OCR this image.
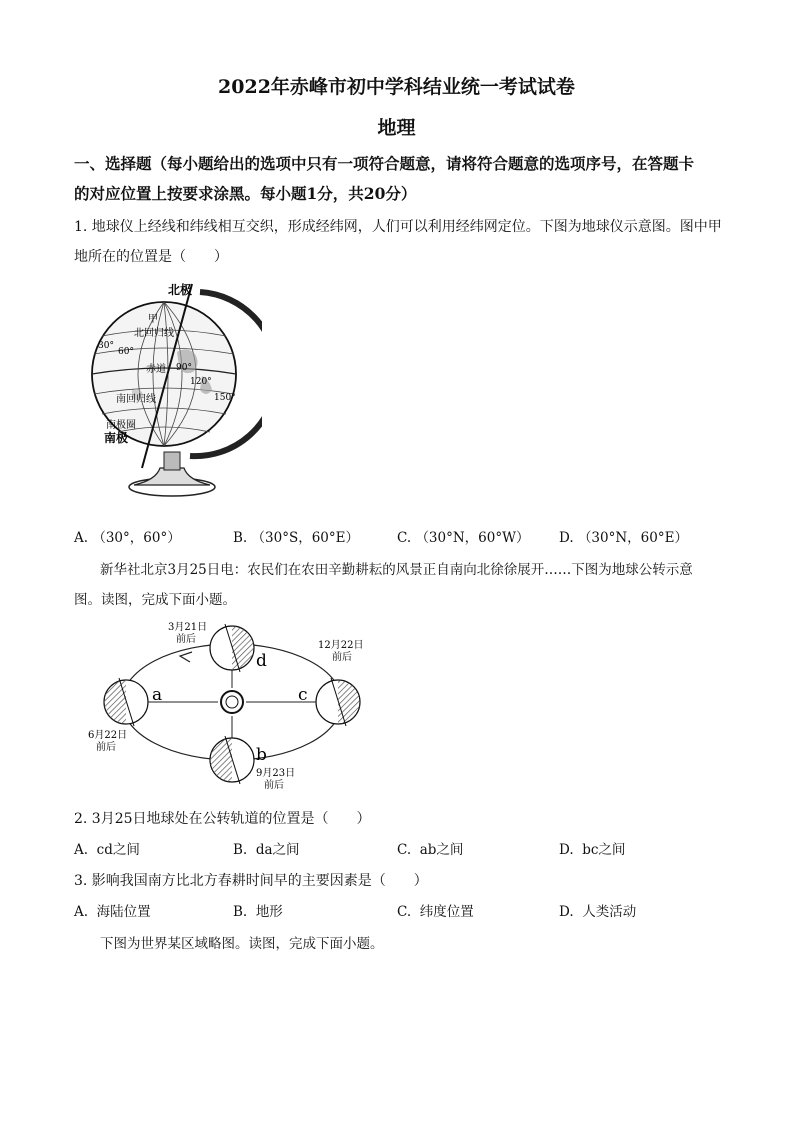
2022年赤峰市初中学科结业统一考试试卷
地理
一、选择题（每小题给出的选项中只有一项符合题意，请将符合题意的选项序号，在答题卡
的对应位置上按要求涂黑。每小题1分，共20分）
1. 地球仪上经线和纬线相互交织，形成经纬网，人们可以利用经纬网定位。下图为地球仪示意图。图中甲
地所在的位置是（　　）
北极
甲
北回归线
30°
60°
赤道 90°
120°
150°
南回归线
南极圈
南极
A. （30°，60°）	B. （30°S，60°E）	C. （30°N，60°W） D. （30°N，60°E）
新华社北京3月25日电：农民们在农田辛勤耕耘的风景正自南向北徐徐展开……下图为地球公转示意
图。读图，完成下面小题。
d
a	c
b
3月21日
前后
12月22日
前后
6月22日
前后
9月23日
前后
2. 3月25日地球处在公转轨道的位置是（　　）
A. cd之间	B. da之间	C. ab之间	D. bc之间
3. 影响我国南方比北方春耕时间早的主要因素是（　　）
A. 海陆位置	B. 地形	C. 纬度位置	D. 人类活动
下图为世界某区域略图。读图，完成下面小题。
